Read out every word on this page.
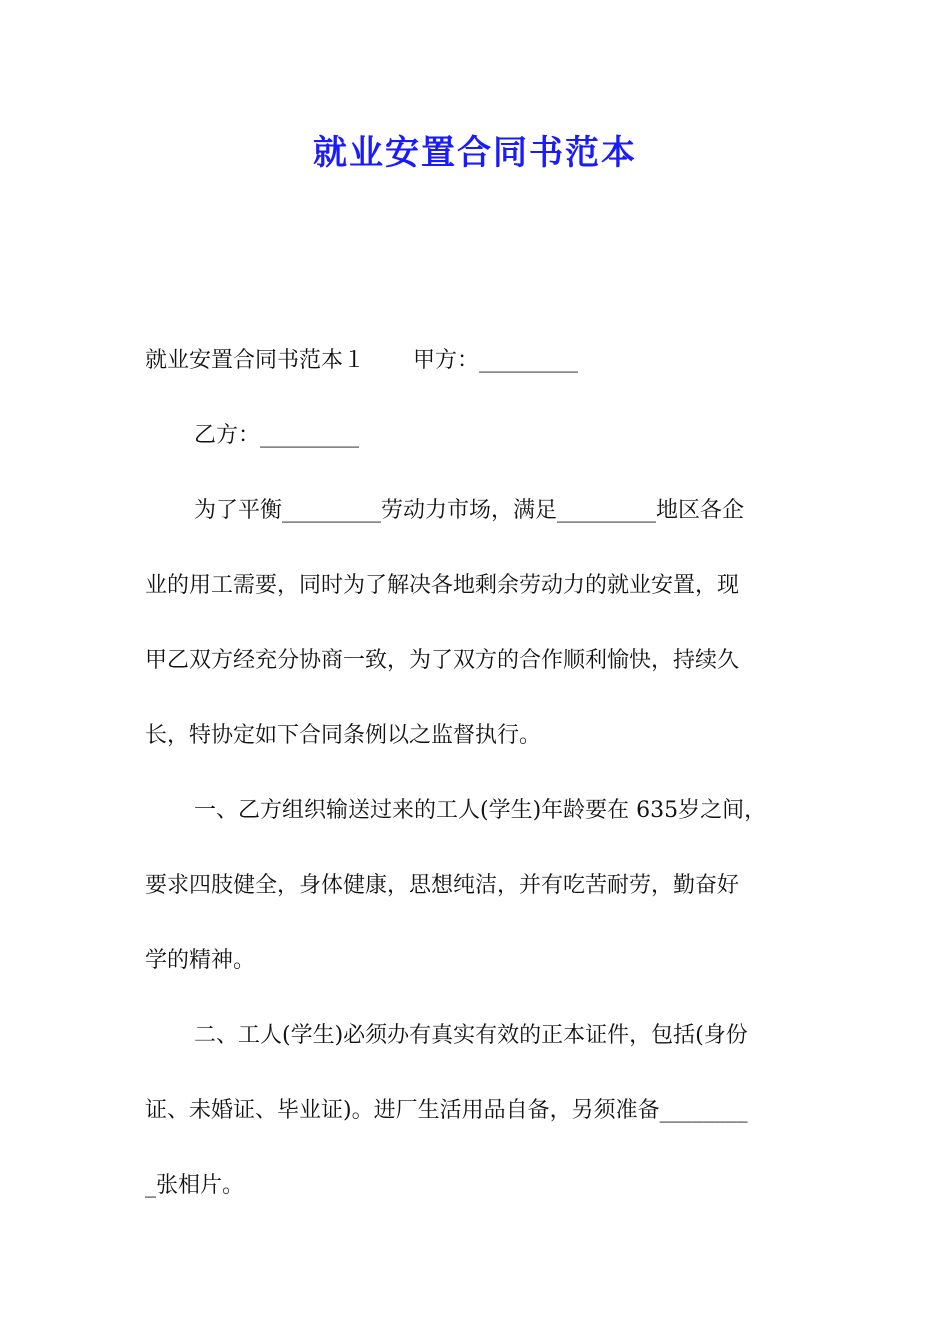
就业安置合同书范本
就业安置合同书范本１ 甲方：_________
乙方：_________
为了平衡_________劳动力市场，满足_________地区各企
业的用工需要，同时为了解决各地剩余劳动力的就业安置，现
甲乙双方经充分协商一致，为了双方的合作顺利愉快，持续久
长，特协定如下合同条例以之监督执行。
一、乙方组织输送过来的工人(学生)年龄要在 635岁之间，
要求四肢健全，身体健康，思想纯洁，并有吃苦耐劳，勤奋好
学的精神。
二、工人(学生)必须办有真实有效的正本证件，包括(身份
证、未婚证、毕业证)。进厂生活用品自备，另须准备________
_张相片。
